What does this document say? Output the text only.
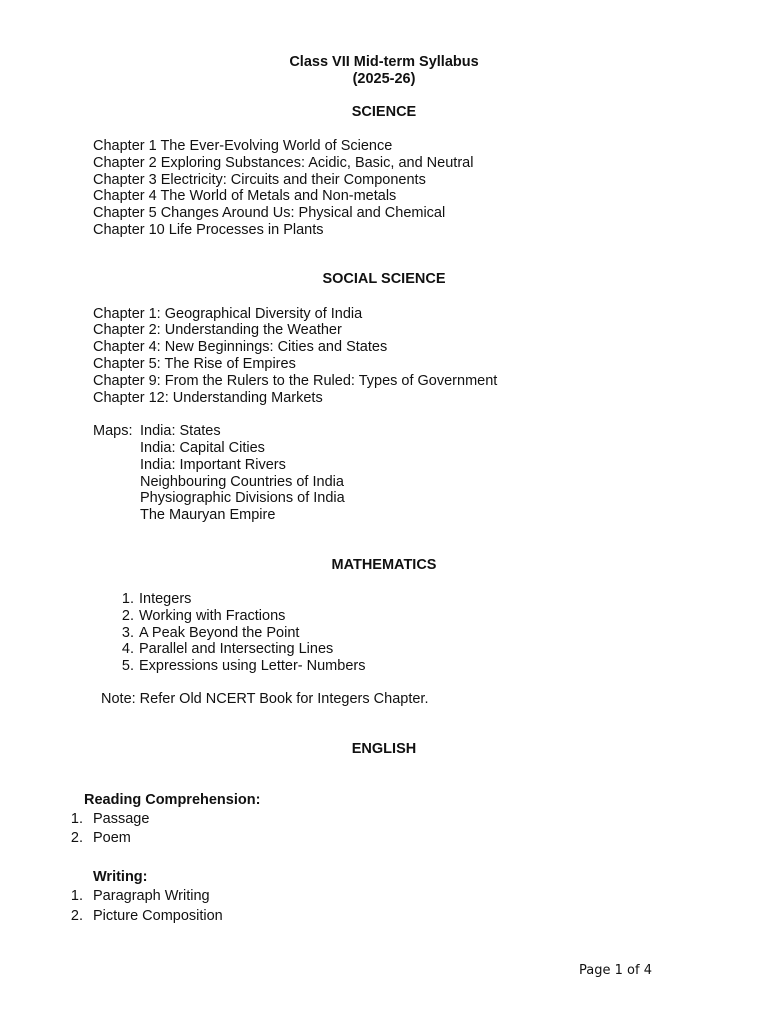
Class VII Mid-term Syllabus
(2025-26)
SCIENCE
Chapter 1 The Ever-Evolving World of Science
Chapter 2 Exploring Substances: Acidic, Basic, and Neutral
Chapter 3 Electricity: Circuits and their Components
Chapter 4 The World of Metals and Non-metals
Chapter 5 Changes Around Us: Physical and Chemical
Chapter 10 Life Processes in Plants
SOCIAL SCIENCE
Chapter 1: Geographical Diversity of India
Chapter 2: Understanding the Weather
Chapter 4: New Beginnings: Cities and States
Chapter 5: The Rise of Empires
Chapter 9: From the Rulers to the Ruled: Types of Government
Chapter 12: Understanding Markets
Maps: India: States
India: Capital Cities
India: Important Rivers
Neighbouring Countries of India
Physiographic Divisions of India
The Mauryan Empire
MATHEMATICS
1. Integers
2. Working with Fractions
3. A Peak Beyond the Point
4. Parallel and Intersecting Lines
5. Expressions using Letter- Numbers
Note: Refer Old NCERT Book for Integers Chapter.
ENGLISH
Reading Comprehension:
1. Passage
2. Poem
Writing:
1. Paragraph Writing
2. Picture Composition
Page 1 of 4
